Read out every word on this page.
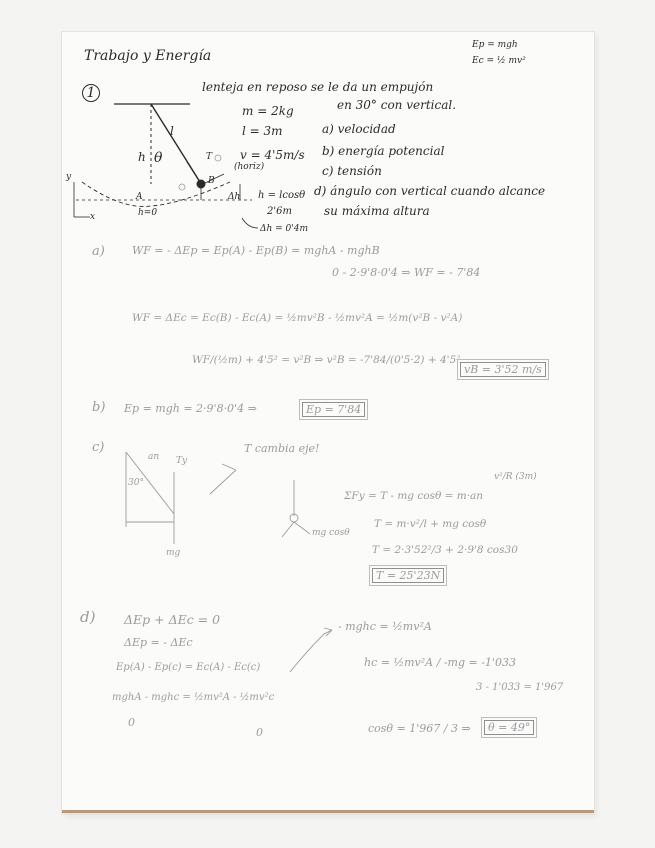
Trabajo y Energía
Ep = mgh
Ec = ½ mv²
1	lenteja en reposo se le da un empujón
en 30° con vertical.
m = 2kg
l = 3m	a) velocidad
b) energía potencial
v = 4'5m/s
(horiz)	c) tensión
d) ángulo con vertical cuando alcance
su máxima altura
h = lcosθ
2'6m
Δh = 0'4m
θ
l
h	T
y
x
A
B
h=0
Δh
a) WF = - ΔEp = Ep(A) - Ep(B) = mghA - mghB
0 - 2·9'8·0'4 ⇒ WF = - 7'84
WF = ΔEc = Ec(B) - Ec(A) = ½mv²B - ½mv²A = ½m(v²B - v²A)
WF/(½m) + 4'5² = v²B ⇒ v²B = -7'84/(0'5·2) + 4'5²
vB = 3'52 m/s
b) Ep = mgh = 2·9'8·0'4 ⇒	Ep = 7'84
c)	T cambia eje!
an Ty
30°
mg
mg cosθ
v²/R (3m)
ΣFy = T - mg cosθ = m·an
T = m·v²/l + mg cosθ
T = 2·3'52²/3 + 2·9'8 cos30
T = 25'23N
d) ΔEp + ΔEc = 0
ΔEp = - ΔEc
Ep(A) - Ep(c) = Ec(A) - Ec(c)
mghA - mghc = ½mv²A - ½mv²c
0
0
- mghc = ½mv²A
hc = ½mv²A / -mg = -1'033
3 - 1'033 = 1'967
cosθ = 1'967 / 3 ⇒	θ = 49°
